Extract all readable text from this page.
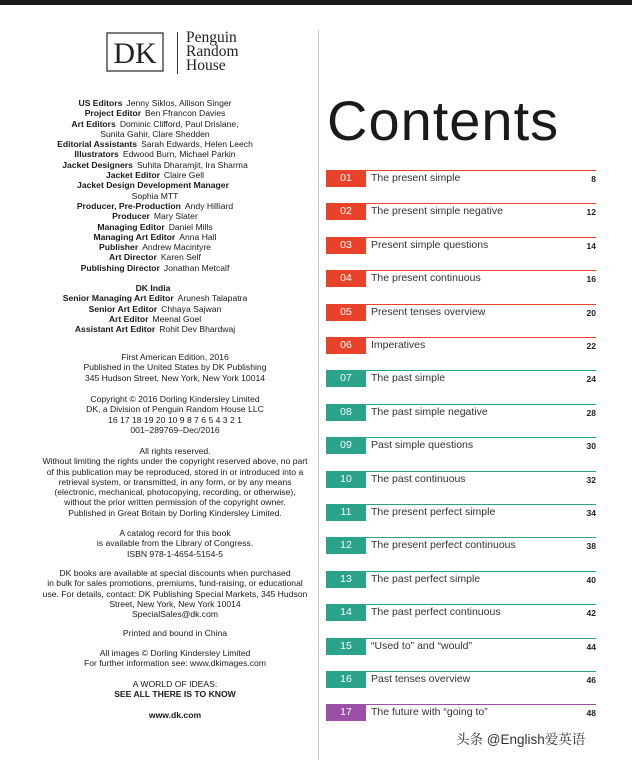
DK Penguin
Random
House
US Editors Jenny Siklos, Allison Singer
Project Editor Ben Ffrancon Davies
Art Editors Dominic Clifford, Paul Drislane,
Sunita Gahir, Clare Shedden
Editorial Assistants Sarah Edwards, Helen Leech
Illustrators Edwood Burn, Michael Parkin
Jacket Designers Suhita Dharamjit, Ira Sharma
Jacket Editor Claire Gell
Jacket Design Development Manager
Sophia MTT
Producer, Pre-Production Andy Hilliard
Producer Mary Slater
Managing Editor Daniel Mills
Managing Art Editor Anna Hall
Publisher Andrew Macintyre
Art Director Karen Self
Publishing Director Jonathan Metcalf
DK India
Senior Managing Art Editor Arunesh Talapatra
Senior Art Editor Chhaya Sajwan
Art Editor Meenal Goel
Assistant Art Editor Rohit Dev Bhardwaj
First American Edition, 2016
Published in the United States by DK Publishing
345 Hudson Street, New York, New York 10014
Copyright © 2016 Dorling Kindersley Limited
DK, a Division of Penguin Random House LLC
16 17 18 19 20 10 9 8 7 6 5 4 3 2 1
001–289769–Dec/2016
All rights reserved.
Without limiting the rights under the copyright reserved above, no part
of this publication may be reproduced, stored in or introduced into a
retrieval system, or transmitted, in any form, or by any means
(electronic, mechanical, photocopying, recording, or otherwise),
without the prior written permission of the copyright owner.
Published in Great Britain by Dorling Kindersley Limited.
A catalog record for this book
is available from the Library of Congress.
ISBN 978-1-4654-5154-5
DK books are available at special discounts when purchased
in bulk for sales promotions, premiums, fund-raising, or educational
use. For details, contact: DK Publishing Special Markets, 345 Hudson
Street, New York, New York 10014
SpecialSales@dk.com
Printed and bound in China
All images © Dorling Kindersley Limited
For further information see: www.dkimages.com
A WORLD OF IDEAS:
SEE ALL THERE IS TO KNOW
www.dk.com
Contents
01	The present simple	8
02	The present simple negative	12
03	Present simple questions	14
04	The present continuous	16
05	Present tenses overview	20
06	Imperatives	22
07	The past simple	24
08	The past simple negative	28
09	Past simple questions	30
10	The past continuous	32
11	The present perfect simple	34
12	The present perfect continuous	38
13	The past perfect simple	40
14	The past perfect continuous	42
15	“Used to” and “would”	44
16	Past tenses overview	46
17	The future with “going to”	48
头条 @English爱英语
